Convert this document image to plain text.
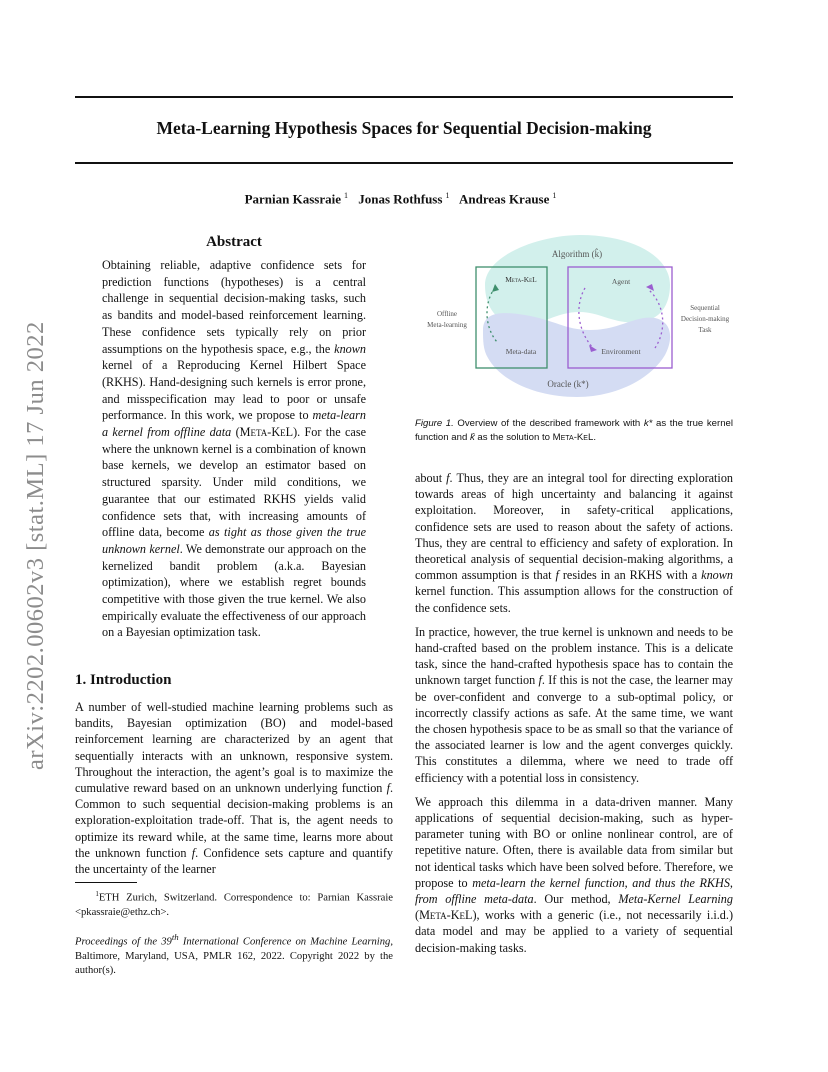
Meta-Learning Hypothesis Spaces for Sequential Decision-making
Parnian Kassraie $^1$ Jonas Rothfuss $^1$ Andreas Krause $^1$
arXiv:2202.00602v3 [stat.ML] 17 Jun 2022
Abstract
Obtaining reliable, adaptive confidence sets for prediction functions (hypotheses) is a central challenge in sequential decision-making tasks, such as bandits and model-based reinforcement learning. These confidence sets typically rely on prior assumptions on the hypothesis space, e.g., the known kernel of a Reproducing Kernel Hilbert Space (RKHS). Hand-designing such kernels is error prone, and misspecification may lead to poor or unsafe performance. In this work, we propose to meta-learn a kernel from offline data (Meta-KeL). For the case where the unknown kernel is a combination of known base kernels, we develop an estimator based on structured sparsity. Under mild conditions, we guarantee that our estimated RKHS yields valid confidence sets that, with increasing amounts of offline data, become as tight as those given the true unknown kernel. We demonstrate our approach on the kernelized bandit problem (a.k.a. Bayesian optimization), where we establish regret bounds competitive with those given the true kernel. We also empirically evaluate the effectiveness of our approach on a Bayesian optimization task.
1. Introduction
A number of well-studied machine learning problems such as bandits, Bayesian optimization (BO) and model-based reinforcement learning are characterized by an agent that sequentially interacts with an unknown, responsive system. Throughout the interaction, the agent’s goal is to maximize the cumulative reward based on an unknown underlying function f. Common to such sequential decision-making problems is an exploration-exploitation trade-off. That is, the agent needs to optimize its reward while, at the same time, learns more about the unknown function f. Confidence sets capture and quantify the uncertainty of the learner
$^1$ETH Zurich, Switzerland. Correspondence to: Parnian Kassraie <pkassraie@ethz.ch>.
Proceedings of the 39th International Conference on Machine Learning, Baltimore, Maryland, USA, PMLR 162, 2022. Copyright 2022 by the author(s).
Algorithm (k̂)
Meta-KeL	Agent
Offline
Meta-learning
Sequential
Decision-making
Task
Meta-data	Environment
Oracle (k*)
Figure 1. Overview of the described framework with k* as the true kernel function and k̂ as the solution to Meta-KeL.

about f. Thus, they are an integral tool for directing exploration towards areas of high uncertainty and balancing it against exploitation. Moreover, in safety-critical applications, confidence sets are used to reason about the safety of actions. Thus, they are central to efficiency and safety of exploration. In theoretical analysis of sequential decision-making algorithms, a common assumption is that f resides in an RKHS with a known kernel function. This assumption allows for the construction of the confidence sets.

In practice, however, the true kernel is unknown and needs to be hand-crafted based on the problem instance. This is a delicate task, since the hand-crafted hypothesis space has to contain the unknown target function f. If this is not the case, the learner may be over-confident and converge to a sub-optimal policy, or incorrectly classify actions as safe. At the same time, we want the chosen hypothesis space to be as small so that the variance of the associated learner is low and the agent converges quickly. This constitutes a dilemma, where we need to trade off efficiency with a potential loss in consistency.

We approach this dilemma in a data-driven manner. Many applications of sequential decision-making, such as hyper-parameter tuning with BO or online nonlinear control, are of repetitive nature. Often, there is available data from similar but not identical tasks which have been solved before. Therefore, we propose to meta-learn the kernel function, and thus the RKHS, from offline meta-data. Our method, Meta-Kernel Learning (Meta-KeL), works with a generic (i.e., not necessarily i.i.d.) data model and may be applied to a variety of sequential decision-making tasks.
